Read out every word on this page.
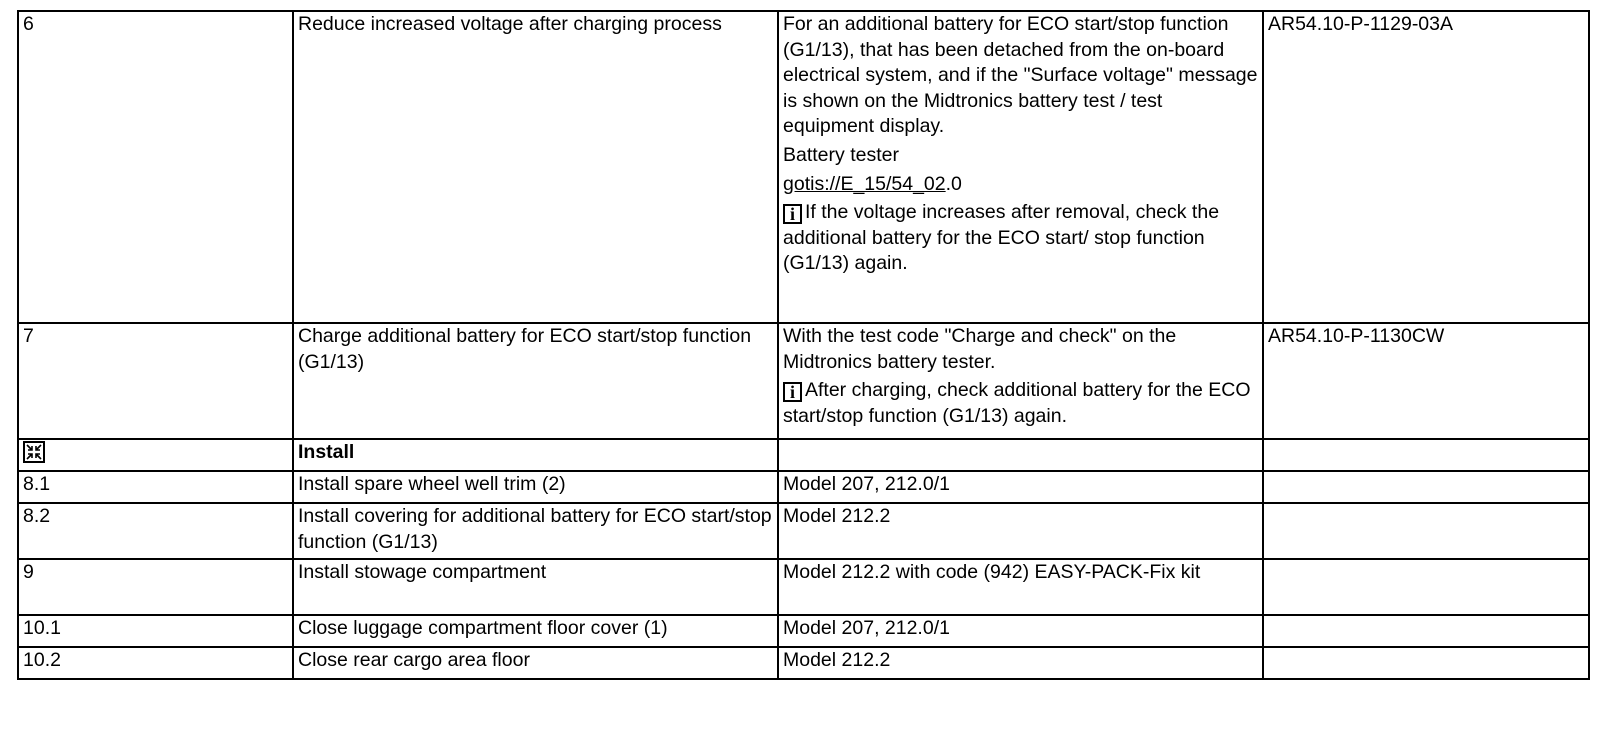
6	Reduce increased voltage after charging process	For an additional battery for ECO start/stop function (G1/13), that has been detached from the on-board electrical system, and if the "Surface voltage" message is shown on the Midtronics battery test / test equipment display.
Battery tester
gotis://E_15/54_02.0
i If the voltage increases after removal, check the additional battery for the ECO start/ stop function (G1/13) again.	AR54.10-P-1129-03A
7	Charge additional battery for ECO start/stop function (G1/13)	With the test code "Charge and check" on the Midtronics battery tester.
i After charging, check additional battery for the ECO start/stop function (G1/13) again.	AR54.10-P-1130CW

	Install		
8.1	Install spare wheel well trim (2)	Model 207, 212.0/1	
8.2	Install covering for additional battery for ECO start/stop function (G1/13)	Model 212.2	
9	Install stowage compartment	Model 212.2 with code (942) EASY-PACK-Fix kit	
10.1	Close luggage compartment floor cover (1)	Model 207, 212.0/1	
10.2	Close rear cargo area floor	Model 212.2	
